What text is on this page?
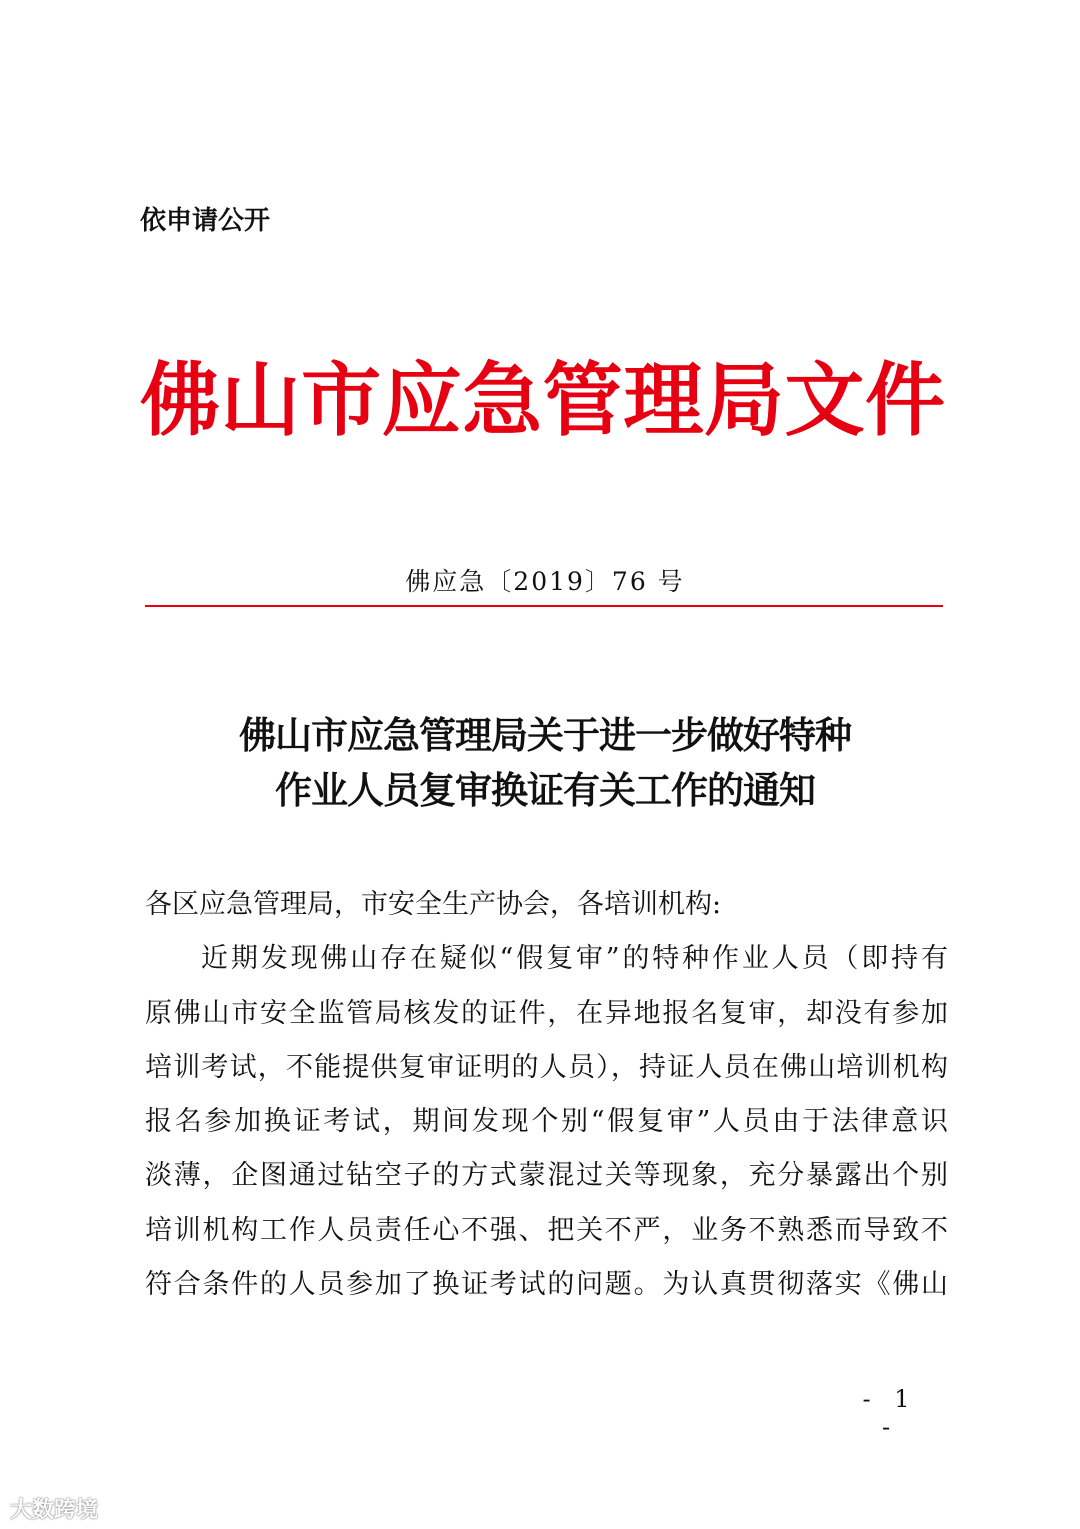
依申请公开
佛山市应急管理局文件
佛应急〔2019〕76 号
佛山市应急管理局关于进一步做好特种
作业人员复审换证有关工作的通知
各区应急管理局，市安全生产协会，各培训机构:
近期发现佛山存在疑似“假复审”的特种作业人员（即持有
原佛山市安全监管局核发的证件，在异地报名复审，却没有参加
培训考试，不能提供复审证明的人员），持证人员在佛山培训机构
报名参加换证考试，期间发现个别“假复审”人员由于法律意识
淡薄，企图通过钻空子的方式蒙混过关等现象，充分暴露出个别
培训机构工作人员责任心不强、把关不严，业务不熟悉而导致不
符合条件的人员参加了换证考试的问题。为认真贯彻落实《佛山
- 1 -
大数跨境
